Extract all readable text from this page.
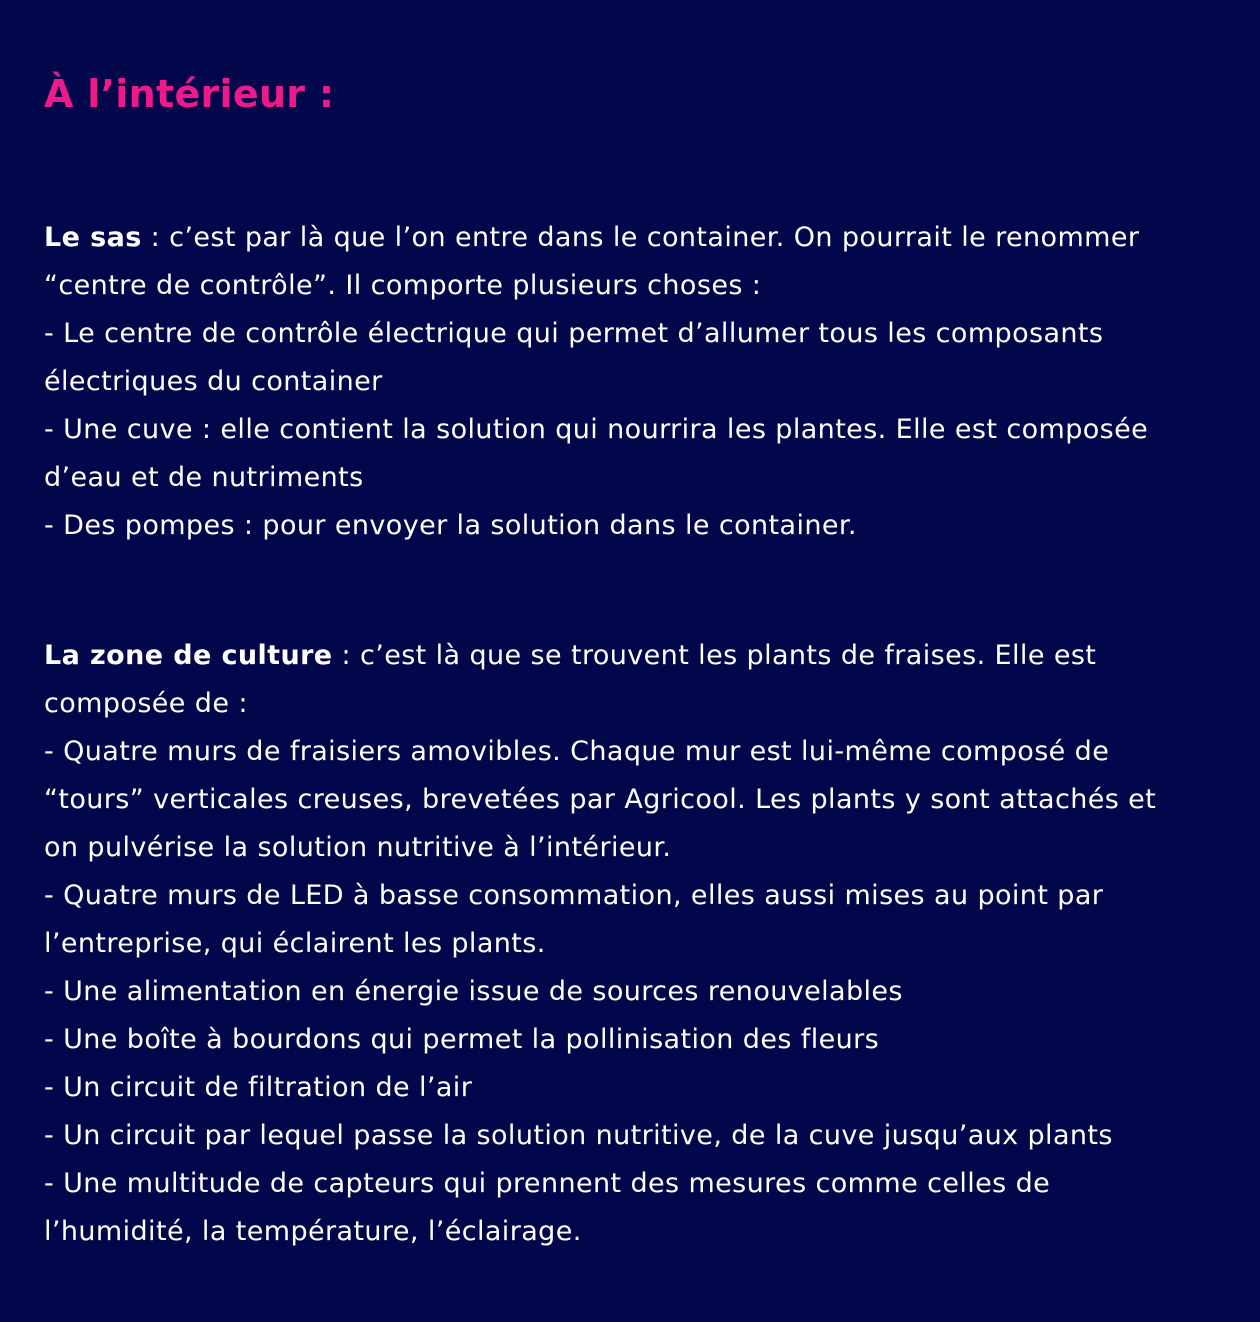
À l’intérieur :
Le sas : c’est par là que l’on entre dans le container. On pourrait le renommer
“centre de contrôle”. Il comporte plusieurs choses :
- Le centre de contrôle électrique qui permet d’allumer tous les composants
électriques du container
- Une cuve : elle contient la solution qui nourrira les plantes. Elle est composée
d’eau et de nutriments
- Des pompes : pour envoyer la solution dans le container.
La zone de culture : c’est là que se trouvent les plants de fraises. Elle est
composée de :
- Quatre murs de fraisiers amovibles. Chaque mur est lui-même composé de
“tours” verticales creuses, brevetées par Agricool. Les plants y sont attachés et
on pulvérise la solution nutritive à l’intérieur.
- Quatre murs de LED à basse consommation, elles aussi mises au point par
l’entreprise, qui éclairent les plants.
- Une alimentation en énergie issue de sources renouvelables
- Une boîte à bourdons qui permet la pollinisation des fleurs
- Un circuit de filtration de l’air
- Un circuit par lequel passe la solution nutritive, de la cuve jusqu’aux plants
- Une multitude de capteurs qui prennent des mesures comme celles de
l’humidité, la température, l’éclairage.
